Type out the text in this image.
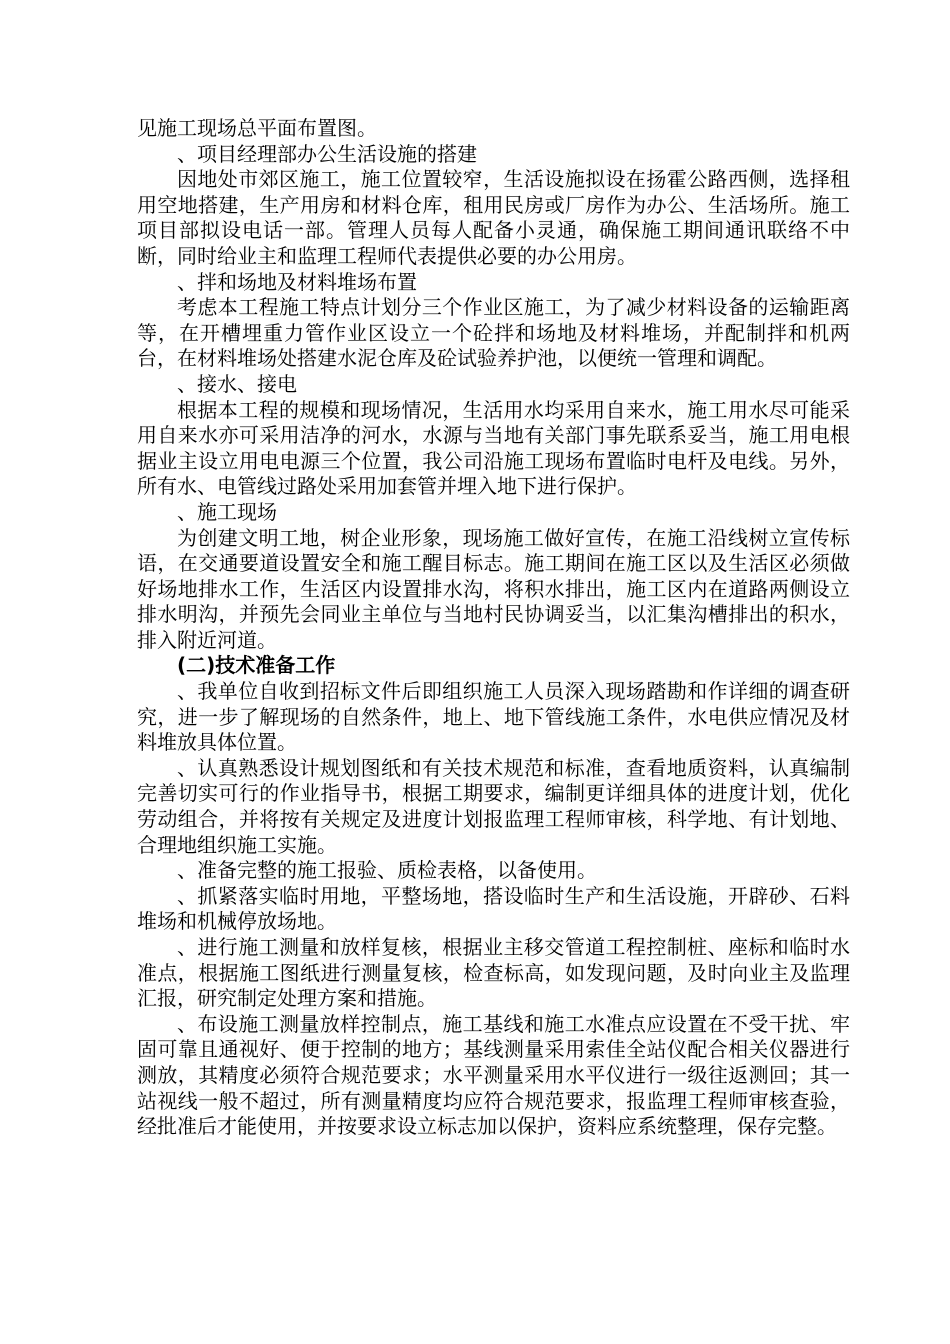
见施工现场总平面布置图。

、项目经理部办公生活设施的搭建

因地处市郊区施工，施工位置较窄，生活设施拟设在扬霍公路西侧，选择租用空地搭建，生产用房和材料仓库，租用民房或厂房作为办公、生活场所。施工项目部拟设电话一部。管理人员每人配备小灵通，确保施工期间通讯联络不中断，同时给业主和监理工程师代表提供必要的办公用房。

、拌和场地及材料堆场布置

考虑本工程施工特点计划分三个作业区施工，为了减少材料设备的运输距离等，在开槽埋重力管作业区设立一个砼拌和场地及材料堆场，并配制拌和机两台，在材料堆场处搭建水泥仓库及砼试验养护池，以便统一管理和调配。

、接水、接电

根据本工程的规模和现场情况，生活用水均采用自来水，施工用水尽可能采用自来水亦可采用洁净的河水，水源与当地有关部门事先联系妥当，施工用电根据业主设立用电电源三个位置，我公司沿施工现场布置临时电杆及电线。另外，所有水、电管线过路处采用加套管并埋入地下进行保护。

、施工现场

为创建文明工地，树企业形象，现场施工做好宣传，在施工沿线树立宣传标语，在交通要道设置安全和施工醒目标志。施工期间在施工区以及生活区必须做好场地排水工作，生活区内设置排水沟，将积水排出，施工区内在道路两侧设立排水明沟，并预先会同业主单位与当地村民协调妥当，以汇集沟槽排出的积水，排入附近河道。

(二)技术准备工作

、我单位自收到招标文件后即组织施工人员深入现场踏勘和作详细的调查研究，进一步了解现场的自然条件，地上、地下管线施工条件，水电供应情况及材料堆放具体位置。

、认真熟悉设计规划图纸和有关技术规范和标准，查看地质资料，认真编制完善切实可行的作业指导书，根据工期要求，编制更详细具体的进度计划，优化劳动组合，并将按有关规定及进度计划报监理工程师审核，科学地、有计划地、合理地组织施工实施。

、准备完整的施工报验、质检表格，以备使用。

、抓紧落实临时用地，平整场地，搭设临时生产和生活设施，开辟砂、石料堆场和机械停放场地。

、进行施工测量和放样复核，根据业主移交管道工程控制桩、座标和临时水准点，根据施工图纸进行测量复核，检查标高，如发现问题，及时向业主及监理汇报，研究制定处理方案和措施。

、布设施工测量放样控制点，施工基线和施工水准点应设置在不受干扰、牢固可靠且通视好、便于控制的地方；基线测量采用索佳全站仪配合相关仪器进行测放，其精度必须符合规范要求；水平测量采用水平仪进行一级往返测回；其一站视线一般不超过，所有测量精度均应符合规范要求，报监理工程师审核查验，经批准后才能使用，并按要求设立标志加以保护，资料应系统整理，保存完整。
